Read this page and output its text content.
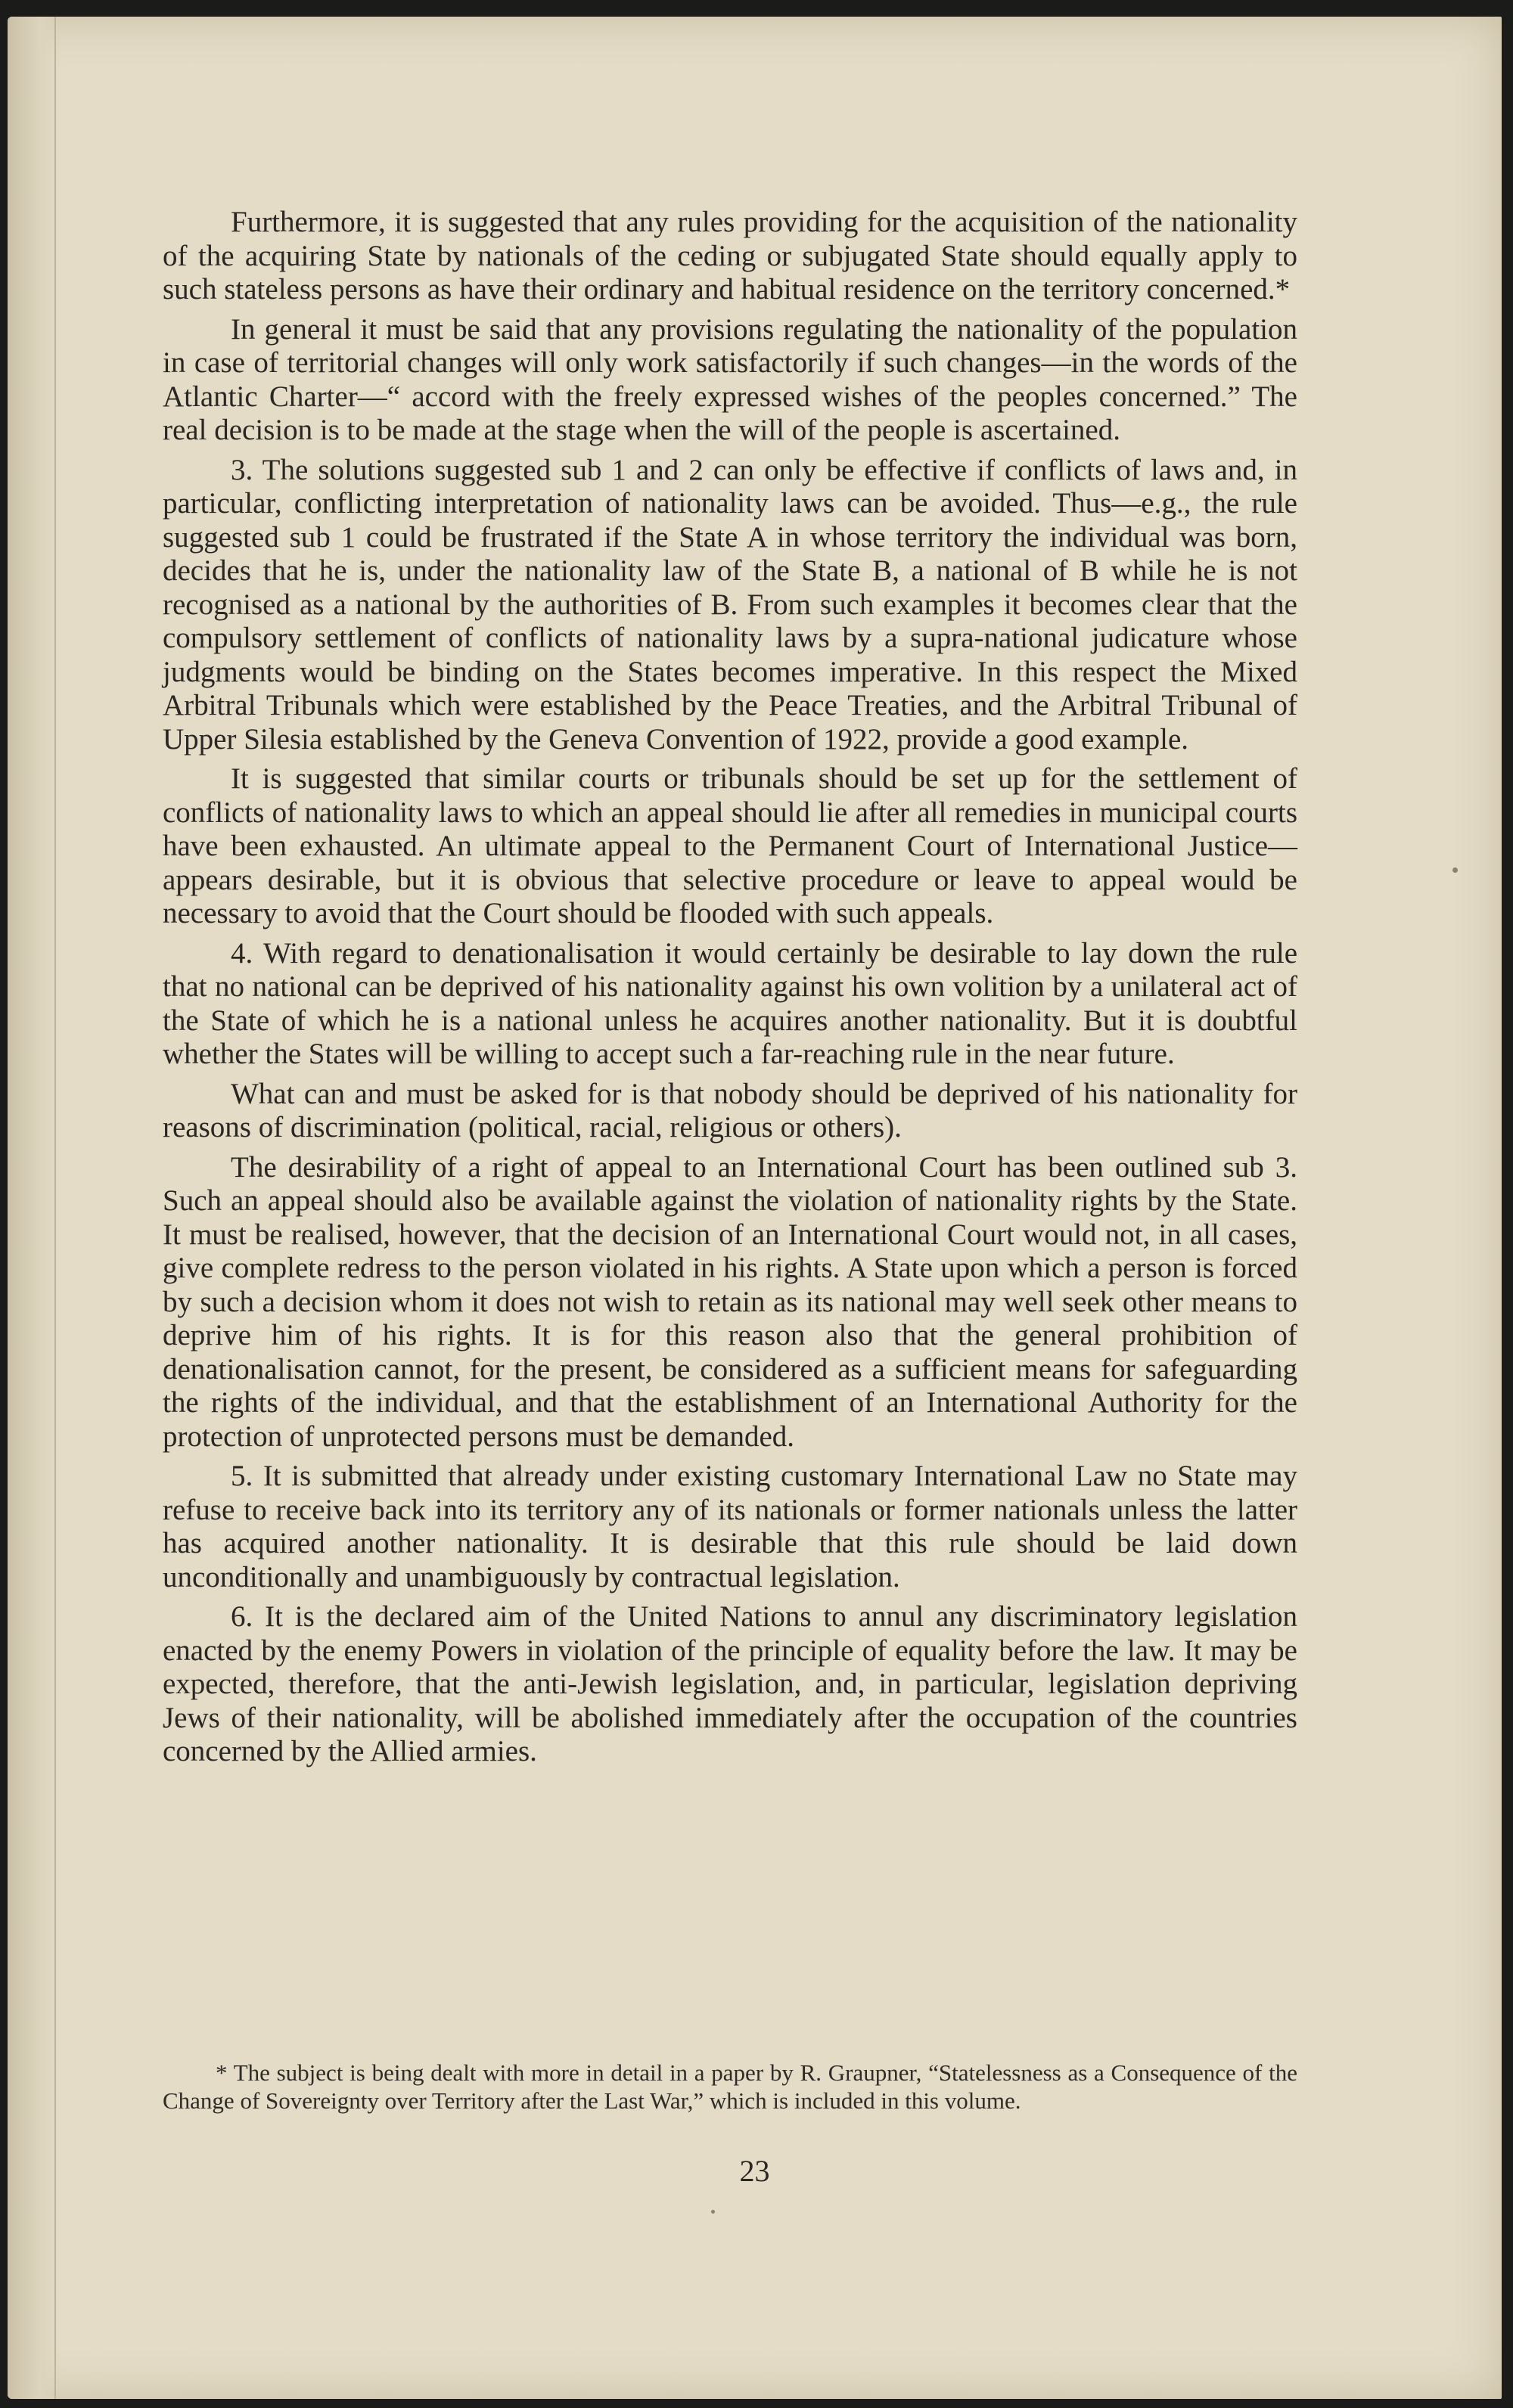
Furthermore, it is suggested that any rules providing for the acquisition of the nationality of the acquiring State by nationals of the ceding or subjugated State should equally apply to such stateless persons as have their ordinary and habitual residence on the territory concerned.*

In general it must be said that any provisions regulating the nationality of the population in case of territorial changes will only work satisfactorily if such changes—in the words of the Atlantic Charter—“ accord with the freely expressed wishes of the peoples concerned.” The real decision is to be made at the stage when the will of the people is ascertained.

3. The solutions suggested sub 1 and 2 can only be effective if conflicts of laws and, in particular, conflicting interpretation of nationality laws can be avoided. Thus—e.g., the rule suggested sub 1 could be frustrated if the State A in whose territory the individual was born, decides that he is, under the nationality law of the State B, a national of B while he is not recognised as a national by the authorities of B. From such examples it becomes clear that the compulsory settlement of conflicts of nationality laws by a supra-national judicature whose judgments would be binding on the States becomes imperative. In this respect the Mixed Arbitral Tribunals which were established by the Peace Treaties, and the Arbitral Tribunal of Upper Silesia established by the Geneva Convention of 1922, provide a good example.

It is suggested that similar courts or tribunals should be set up for the settlement of conflicts of nationality laws to which an appeal should lie after all remedies in municipal courts have been exhausted. An ultimate appeal to the Permanent Court of International Justice—appears desirable, but it is obvious that selective procedure or leave to appeal would be necessary to avoid that the Court should be flooded with such appeals.

4. With regard to denationalisation it would certainly be desirable to lay down the rule that no national can be deprived of his nationality against his own volition by a unilateral act of the State of which he is a national unless he acquires another nationality. But it is doubtful whether the States will be willing to accept such a far-reaching rule in the near future.

What can and must be asked for is that nobody should be deprived of his nationality for reasons of discrimination (political, racial, religious or others).

The desirability of a right of appeal to an International Court has been outlined sub 3. Such an appeal should also be available against the violation of nationality rights by the State. It must be realised, however, that the decision of an International Court would not, in all cases, give complete redress to the person violated in his rights. A State upon which a person is forced by such a decision whom it does not wish to retain as its national may well seek other means to deprive him of his rights. It is for this reason also that the general prohibition of denationalisation cannot, for the present, be considered as a sufficient means for safeguarding the rights of the individual, and that the establishment of an International Authority for the protection of unprotected persons must be demanded.

5. It is submitted that already under existing customary International Law no State may refuse to receive back into its territory any of its nationals or former nationals unless the latter has acquired another nationality. It is desirable that this rule should be laid down unconditionally and unambiguously by contractual legislation.

6. It is the declared aim of the United Nations to annul any discriminatory legislation enacted by the enemy Powers in violation of the principle of equality before the law. It may be expected, therefore, that the anti-Jewish legislation, and, in particular, legislation depriving Jews of their nationality, will be abolished immediately after the occupation of the countries concerned by the Allied armies.

* The subject is being dealt with more in detail in a paper by R. Graupner, “Statelessness as a Consequence of the Change of Sovereignty over Territory after the Last War,” which is included in this volume.

23
